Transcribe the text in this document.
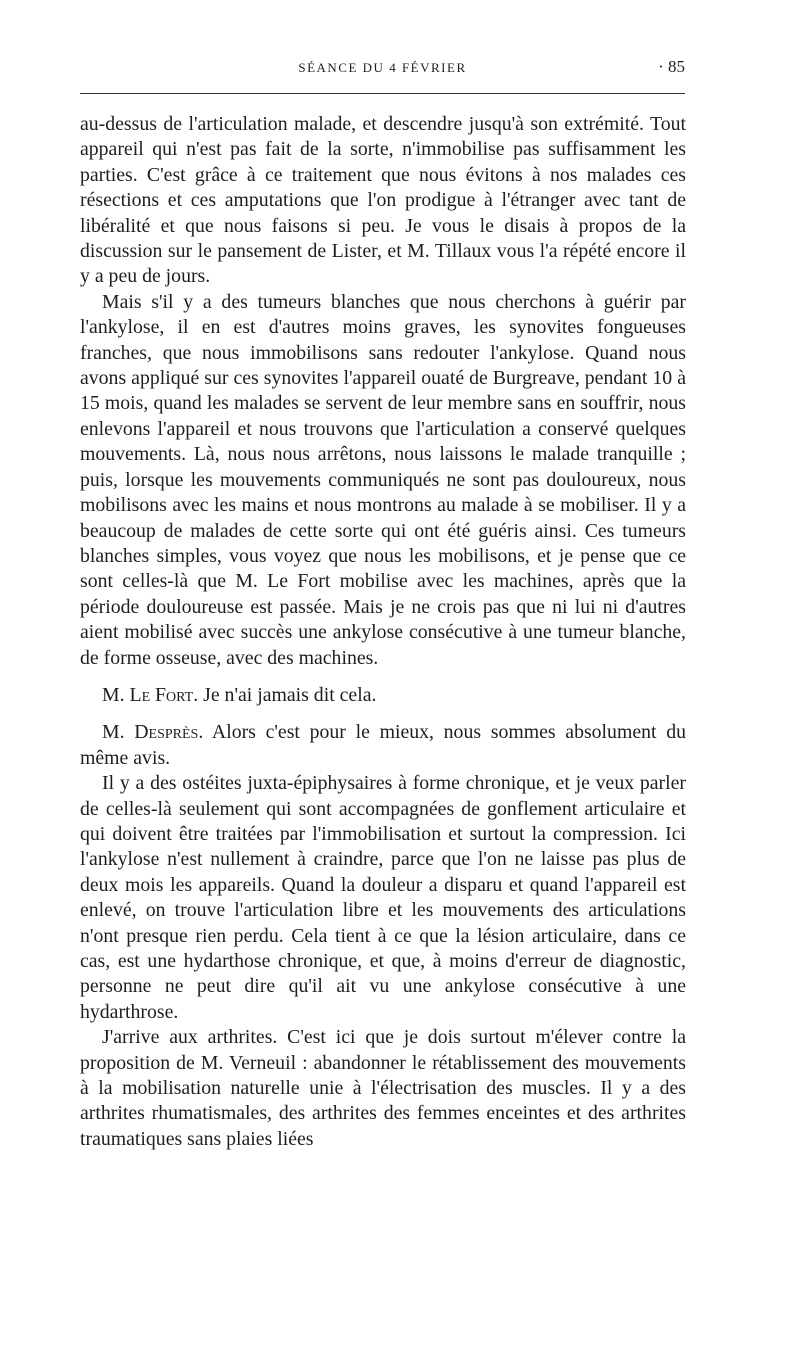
SÉANCE DU 4 FÉVRIER	· 85

au-dessus de l'articulation malade, et descendre jusqu'à son extrémité. Tout appareil qui n'est pas fait de la sorte, n'immobilise pas suffisamment les parties. C'est grâce à ce traitement que nous évitons à nos malades ces résections et ces amputations que l'on prodigue à l'étranger avec tant de libéralité et que nous faisons si peu. Je vous le disais à propos de la discussion sur le pansement de Lister, et M. Tillaux vous l'a répété encore il y a peu de jours.

Mais s'il y a des tumeurs blanches que nous cherchons à guérir par l'ankylose, il en est d'autres moins graves, les synovites fongueuses franches, que nous immobilisons sans redouter l'ankylose. Quand nous avons appliqué sur ces synovites l'appareil ouaté de Burgreave, pendant 10 à 15 mois, quand les malades se servent de leur membre sans en souffrir, nous enlevons l'appareil et nous trouvons que l'articulation a conservé quelques mouvements. Là, nous nous arrêtons, nous laissons le malade tranquille ; puis, lorsque les mouvements communiqués ne sont pas douloureux, nous mobilisons avec les mains et nous montrons au malade à se mobiliser. Il y a beaucoup de malades de cette sorte qui ont été guéris ainsi. Ces tumeurs blanches simples, vous voyez que nous les mobilisons, et je pense que ce sont celles-là que M. Le Fort mobilise avec les machines, après que la période douloureuse est passée. Mais je ne crois pas que ni lui ni d'autres aient mobilisé avec succès une ankylose consécutive à une tumeur blanche, de forme osseuse, avec des machines.

M. Le Fort. Je n'ai jamais dit cela.

M. Desprès. Alors c'est pour le mieux, nous sommes absolument du même avis.

Il y a des ostéites juxta-épiphysaires à forme chronique, et je veux parler de celles-là seulement qui sont accompagnées de gonflement articulaire et qui doivent être traitées par l'immobilisation et surtout la compression. Ici l'ankylose n'est nullement à craindre, parce que l'on ne laisse pas plus de deux mois les appareils. Quand la douleur a disparu et quand l'appareil est enlevé, on trouve l'articulation libre et les mouvements des articulations n'ont presque rien perdu. Cela tient à ce que la lésion articulaire, dans ce cas, est une hydarthose chronique, et que, à moins d'erreur de diagnostic, personne ne peut dire qu'il ait vu une ankylose consécutive à une hydarthrose.

J'arrive aux arthrites. C'est ici que je dois surtout m'élever contre la proposition de M. Verneuil : abandonner le rétablissement des mouvements à la mobilisation naturelle unie à l'électrisation des muscles. Il y a des arthrites rhumatismales, des arthrites des femmes enceintes et des arthrites traumatiques sans plaies liées
